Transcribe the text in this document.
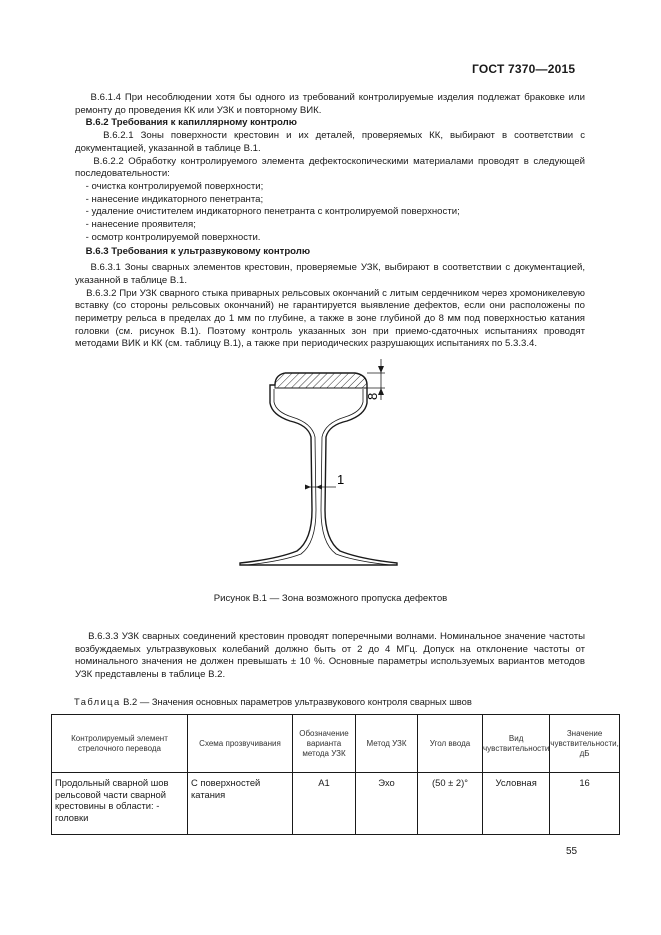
ГОСТ 7370—2015

В.6.1.4 При несоблюдении хотя бы одного из требований контролируемые изделия подлежат браковке или ремонту до проведения КК или УЗК и повторному ВИК.

В.6.2 Требования к капиллярному контролю

В.6.2.1 Зоны поверхности крестовин и их деталей, проверяемых КК, выбирают в соответствии с документацией, указанной в таблице В.1.

В.6.2.2 Обработку контролируемого элемента дефектоскопическими материалами проводят в следующей последовательности:

- очистка контролируемой поверхности;

- нанесение индикаторного пенетранта;

- удаление очистителем индикаторного пенетранта с контролируемой поверхности;

- нанесение проявителя;

- осмотр контролируемой поверхности.

В.6.3 Требования к ультразвуковому контролю

В.6.3.1 Зоны сварных элементов крестовин, проверяемые УЗК, выбирают в соответствии с документацией, указанной в таблице В.1.

В.6.3.2 При УЗК сварного стыка приварных рельсовых окончаний с литым сердечником через хромоникелевую вставку (со стороны рельсовых окончаний) не гарантируется выявление дефектов, если они расположены по периметру рельса в пределах до 1 мм по глубине, а также в зоне глубиной до 8 мм под поверхностью катания головки (см. рисунок В.1). Поэтому контроль указанных зон при приемо-сдаточных испытаниях проводят методами ВИК и КК (см. таблицу В.1), а также при периодических разрушающих испытаниях по 5.3.3.4.

8
1
Рисунок В.1 — Зона возможного пропуска дефектов

В.6.3.3 УЗК сварных соединений крестовин проводят поперечными волнами. Номинальное значение частоты возбуждаемых ультразвуковых колебаний должно быть от 2 до 4 МГц. Допуск на отклонение частоты от номинального значения не должен превышать ± 10 %. Основные параметры используемых вариантов методов УЗК представлены в таблице В.2.

Таблица В.2 — Значения основных параметров ультразвукового контроля сварных швов
Контролируемый элемент стрелочного перевода	Схема прозвучивания	Обозначение варианта метода УЗК	Метод УЗК	Угол ввода	Вид чувствительности	Значение чувствительности, дБ
Продольный сварной шов рельсовой части сварной крестовины в области: - головки	С поверхностей катания	А1	Эхо	(50 ± 2)°	Условная	16
55
